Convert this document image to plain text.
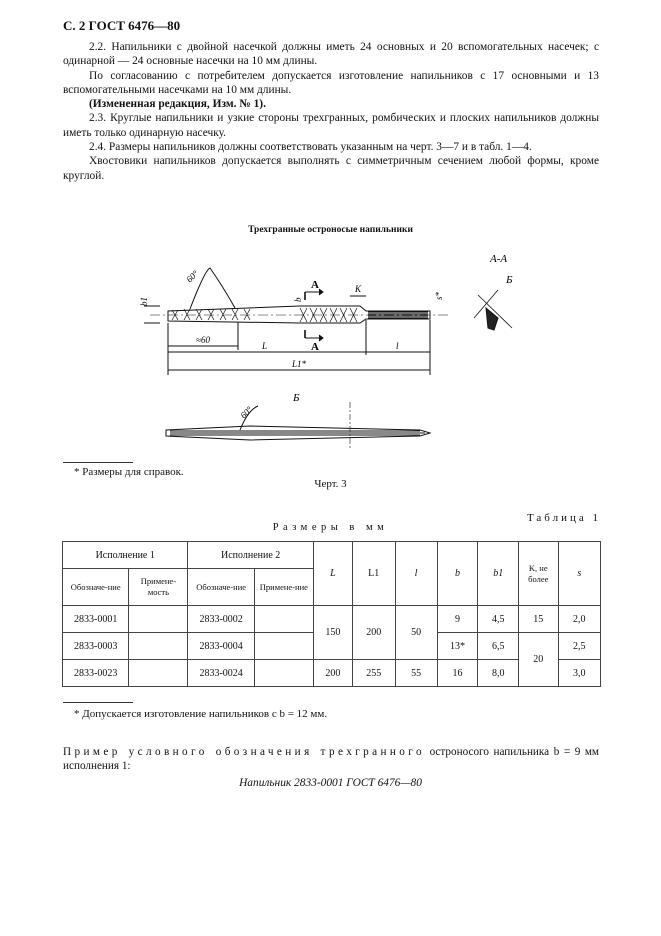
С. 2 ГОСТ 6476—80

2.2. Напильники с двойной насечкой должны иметь 24 основных и 20 вспомогательных насечек; с одинарной — 24 основные насечки на 10 мм длины.

По согласованию с потребителем допускается изготовление напильников с 17 основными и 13 вспомогательными насечками на 10 мм длины.

(Измененная редакция, Изм. № 1).

2.3. Круглые напильники и узкие стороны трехгранных, ромбических и плоских напильников должны иметь только одинарную насечку.

2.4. Размеры напильников должны соответствовать указанным на черт. 3—7 и в табл. 1—4.

Хвостовики напильников допускается выполнять с симметричным сечением любой формы, кроме круглой.

Трехгранные остроносые напильники
b1
60°
≈60
L
L1*
l
b
K
s*
А
А
А-А
Б
Б
60°
* Размеры для справок.
Черт. 3
Таблица 1
Размеры в мм
Исполнение 1		Исполнение 2		L	L1	l	b	b1	K, не более	s
Обозначе-ние	Примене-мость	Обозначе-ние	Примене-ние							
2833-0001		2833-0002		150	200	50	9	4,5	15	2,0
2833-0003		2833-0004					13*	6,5	20	2,5
2833-0023		2833-0024		200	255	55	16	8,0		3,0
* Допускается изготовление напильников с b = 12 мм.
Пример условного обозначения трехгранного остроносого напильника b = 9 мм исполнения 1:
Напильник 2833-0001 ГОСТ 6476—80
